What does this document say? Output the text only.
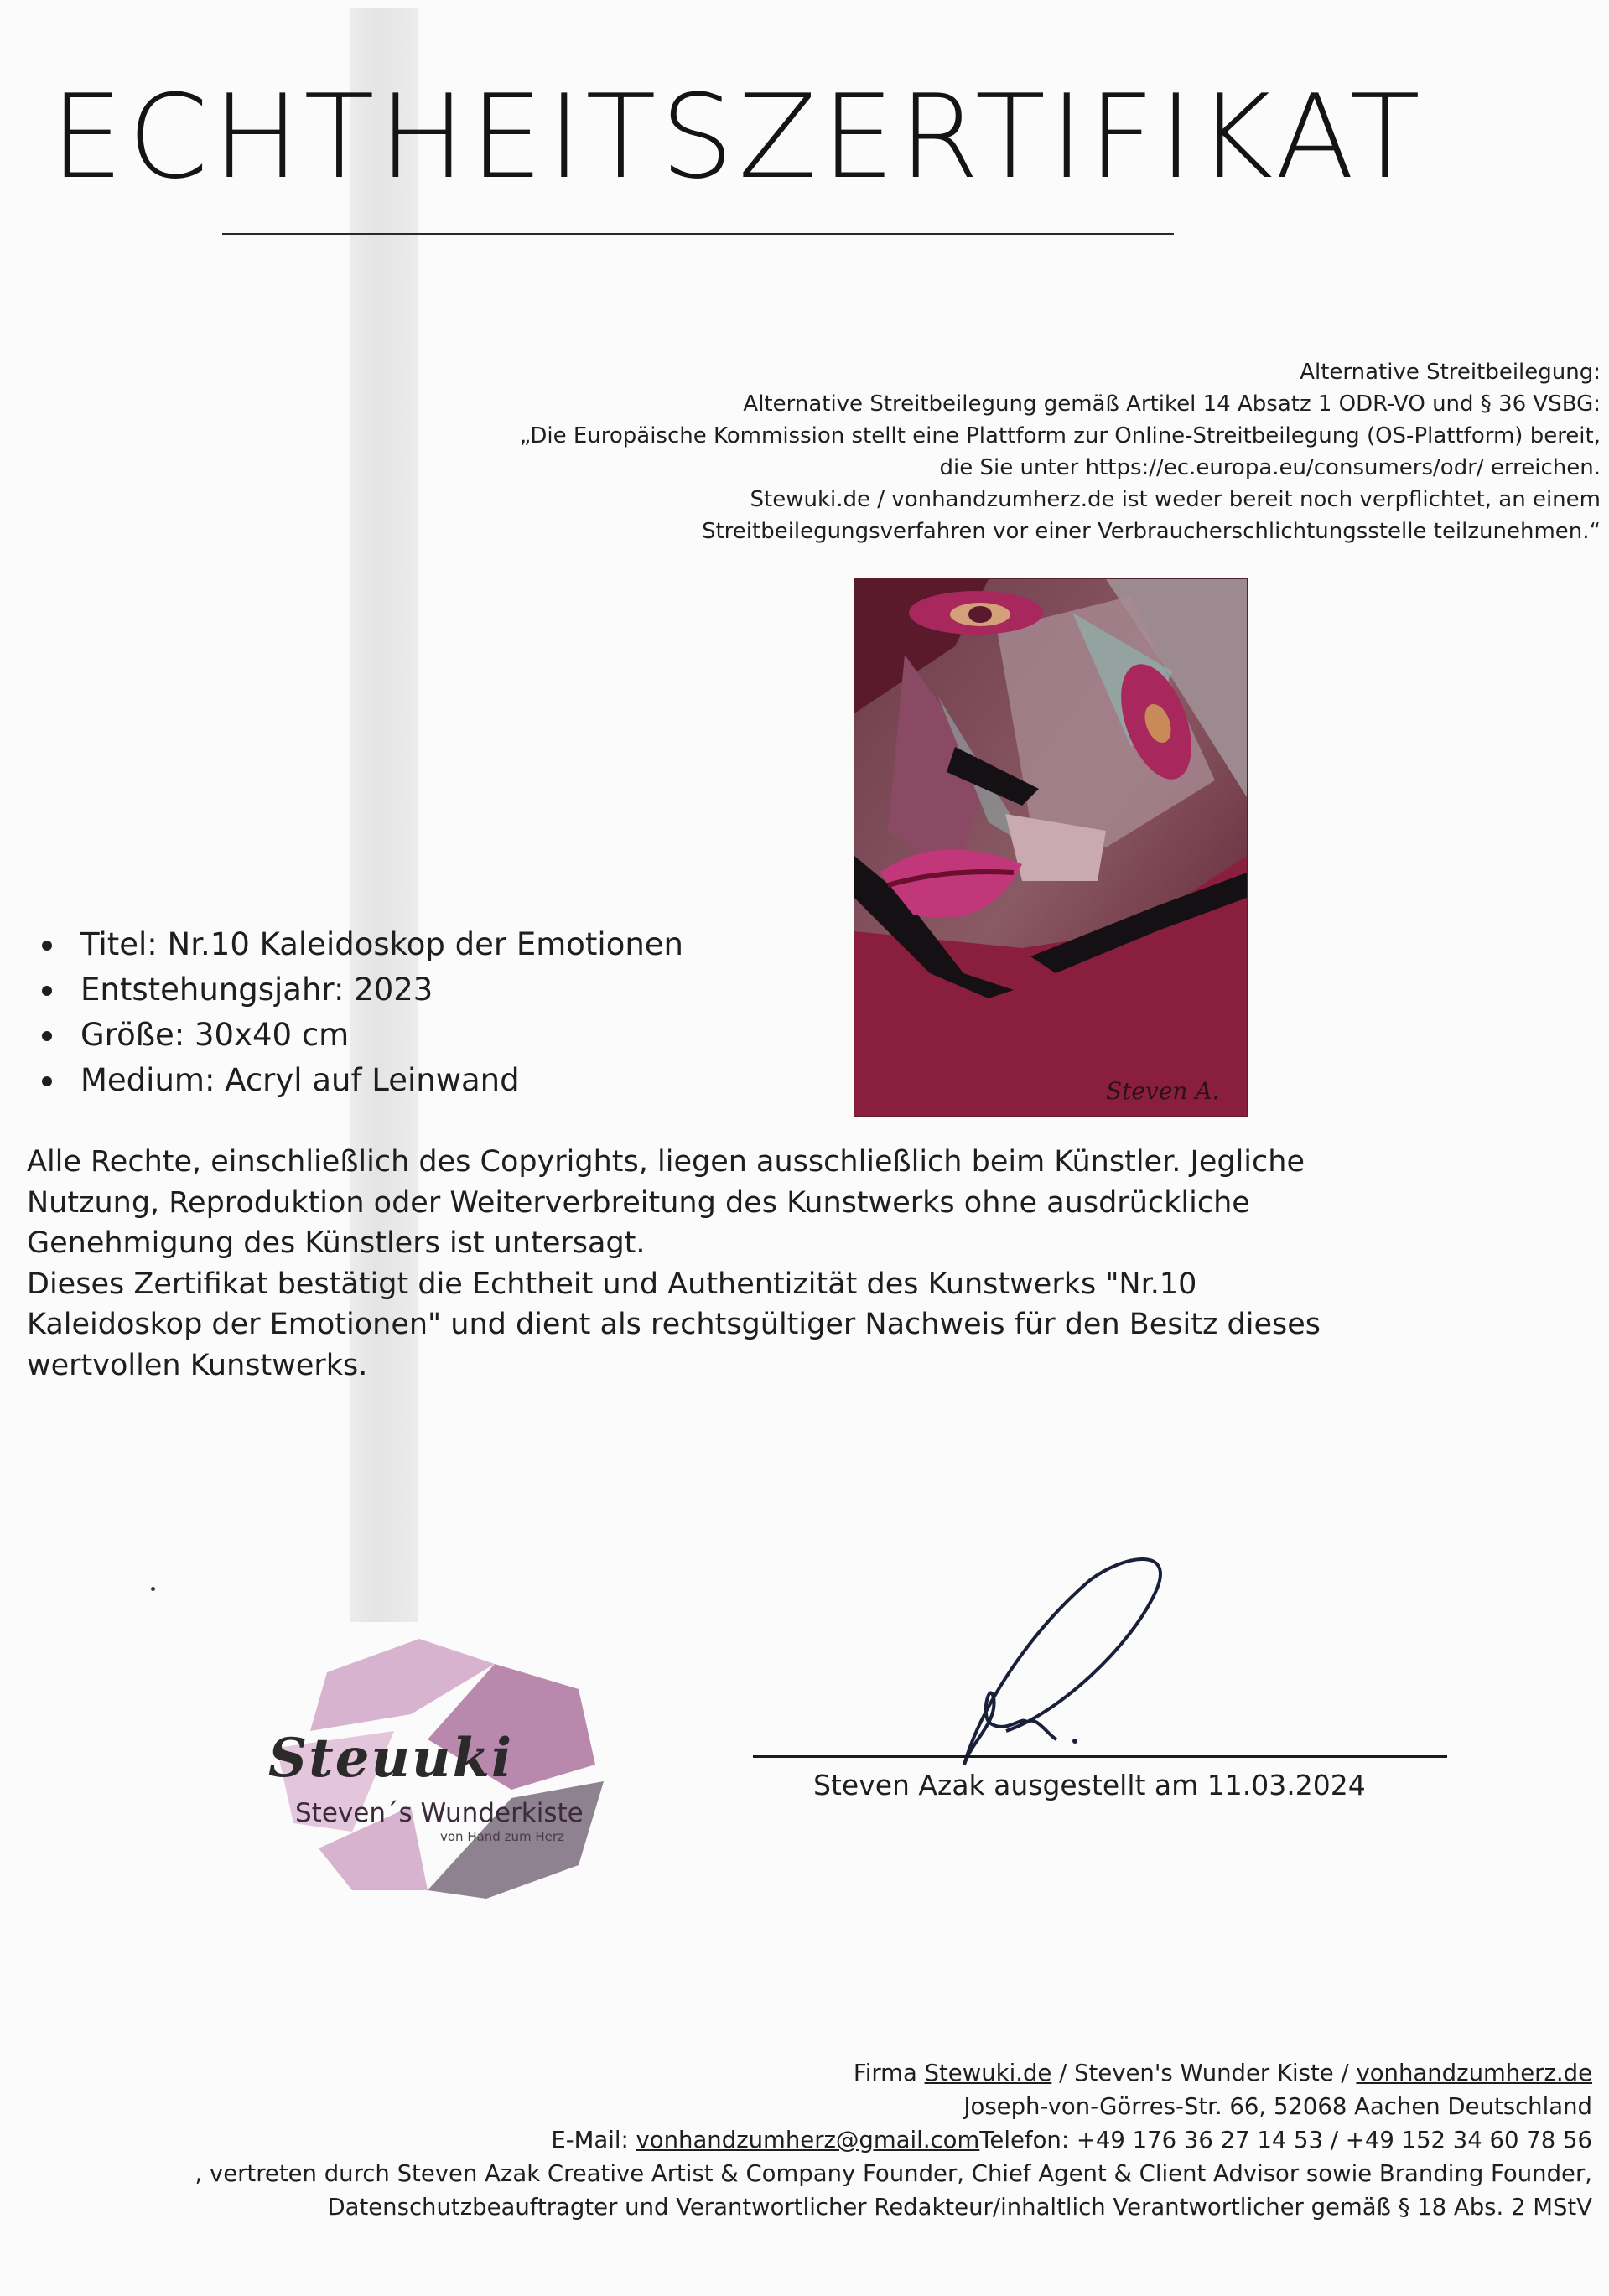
ECHTHEITSZERTIFIKAT
Alternative Streitbeilegung:
Alternative Streitbeilegung gemäß Artikel 14 Absatz 1 ODR-VO und § 36 VSBG:
„Die Europäische Kommission stellt eine Plattform zur Online-Streitbeilegung (OS-Plattform) bereit,
die Sie unter https://ec.europa.eu/consumers/odr/ erreichen.
Stewuki.de / vonhandzumherz.de ist weder bereit noch verpflichtet, an einem
Streitbeilegungsverfahren vor einer Verbraucherschlichtungsstelle teilzunehmen.“
Steven A.
Titel: Nr.10 Kaleidoskop der Emotionen
Entstehungsjahr: 2023
Größe: 30x40 cm
Medium: Acryl auf Leinwand
Alle Rechte, einschließlich des Copyrights, liegen ausschließlich beim Künstler. Jegliche
Nutzung, Reproduktion oder Weiterverbreitung des Kunstwerks ohne ausdrückliche
Genehmigung des Künstlers ist untersagt.
Dieses Zertifikat bestätigt die Echtheit und Authentizität des Kunstwerks "Nr.10
Kaleidoskop der Emotionen" und dient als rechtsgültiger Nachweis für den Besitz dieses
wertvollen Kunstwerks.
Steuuki
Steven´s Wunderkiste
von Hand zum Herz
Steven Azak ausgestellt am 11.03.2024
Firma Stewuki.de / Steven's Wunder Kiste / vonhandzumherz.de
Joseph-von-Görres-Str. 66, 52068 Aachen Deutschland
E-Mail: vonhandzumherz@gmail.comTelefon: +49 176 36 27 14 53 / +49 152 34 60 78 56
, vertreten durch Steven Azak Creative Artist & Company Founder, Chief Agent & Client Advisor sowie Branding Founder,
Datenschutzbeauftragter und Verantwortlicher Redakteur/inhaltlich Verantwortlicher gemäß § 18 Abs. 2 MStV
